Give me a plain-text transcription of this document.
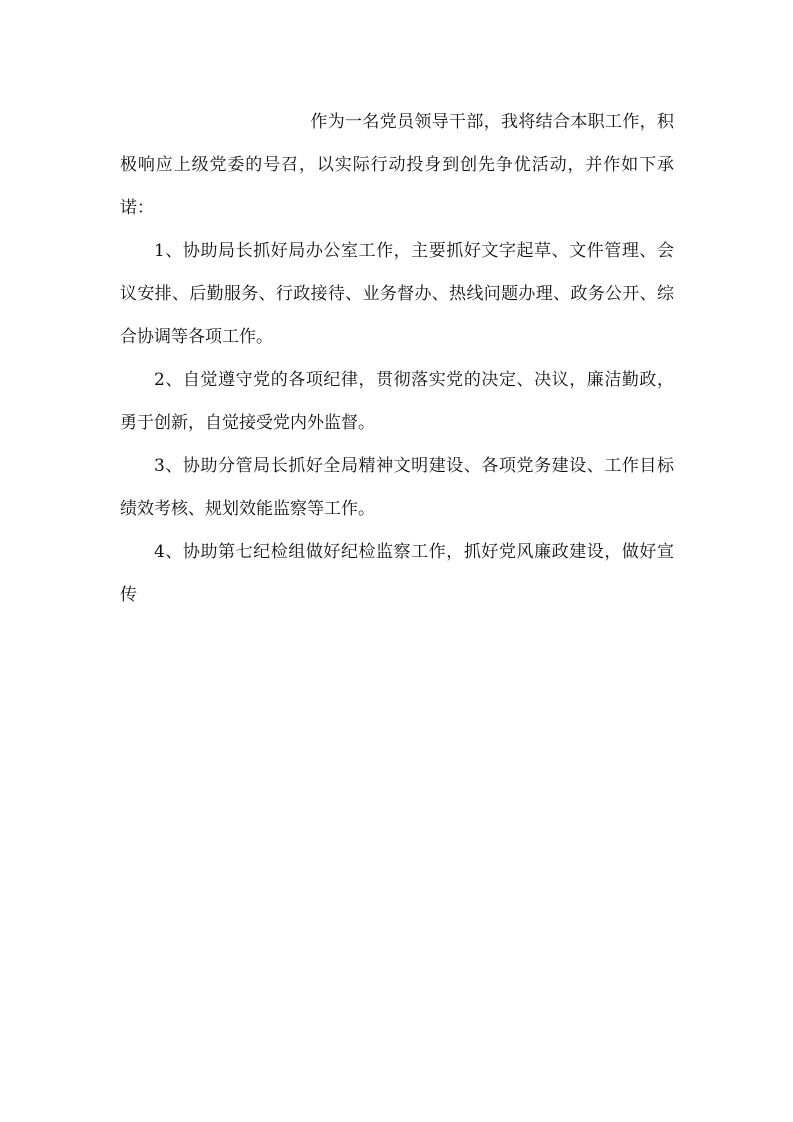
作为一名党员领导干部，我将结合本职工作，积极响应上级党委的号召，以实际行动投身到创先争优活动，并作如下承诺：

1、协助局长抓好局办公室工作，主要抓好文字起草、文件管理、会议安排、后勤服务、行政接待、业务督办、热线问题办理、政务公开、综合协调等各项工作。

2、自觉遵守党的各项纪律，贯彻落实党的决定、决议，廉洁勤政，勇于创新，自觉接受党内外监督。

3、协助分管局长抓好全局精神文明建设、各项党务建设、工作目标绩效考核、规划效能监察等工作。

4、协助第七纪检组做好纪检监察工作，抓好党风廉政建设，做好宣传
